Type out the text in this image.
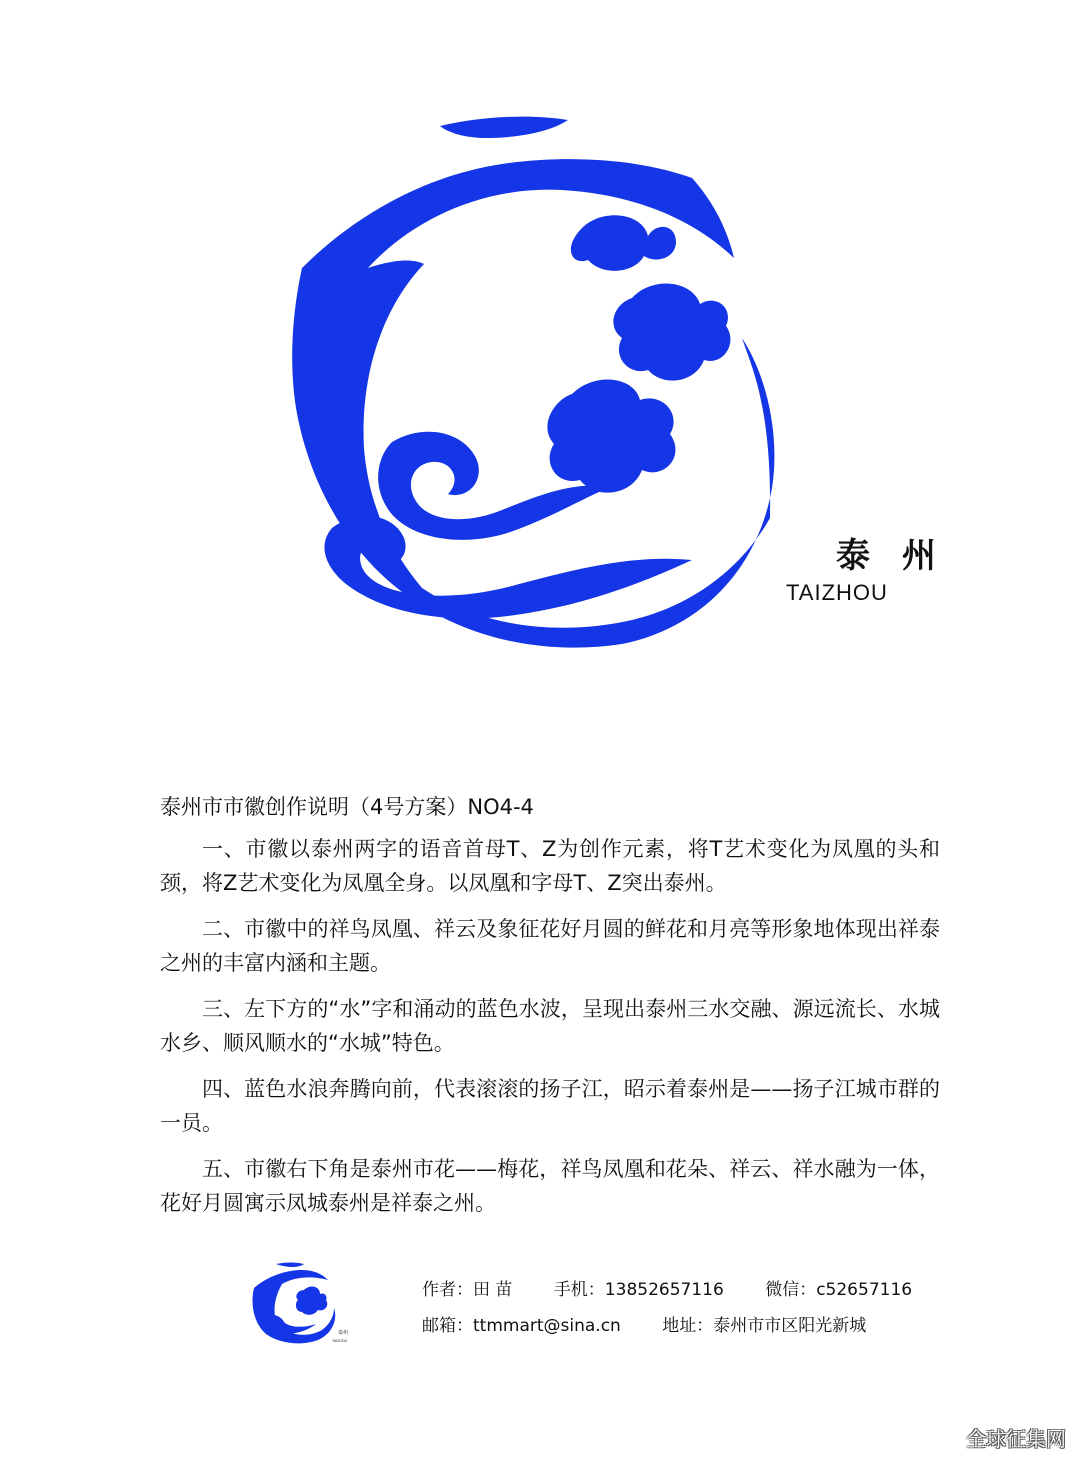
泰 州
TAIZHOU

泰州市市徽创作说明（4号方案）NO4-4

一、市徽以泰州两字的语音首母T、Z为创作元素，将T艺术变化为凤凰的头和颈，将Z艺术变化为凤凰全身。以凤凰和字母T、Z突出泰州。

二、市徽中的祥鸟凤凰、祥云及象征花好月圆的鲜花和月亮等形象地体现出祥泰之州的丰富内涵和主题。

三、左下方的“水”字和涌动的蓝色水波，呈现出泰州三水交融、源远流长、水城水乡、顺风顺水的“水城”特色。

四、蓝色水浪奔腾向前，代表滚滚的扬子江，昭示着泰州是——扬子江城市群的一员。

五、市徽右下角是泰州市花——梅花，祥鸟凤凰和花朵、祥云、祥水融为一体，花好月圆寓示凤城泰州是祥泰之州。

泰州
TAIZHOU
作者：田 苗 手机：13852657116 微信：c52657116
邮箱：ttmmart@sina.cn 地址：泰州市市区阳光新城
全球征集网
